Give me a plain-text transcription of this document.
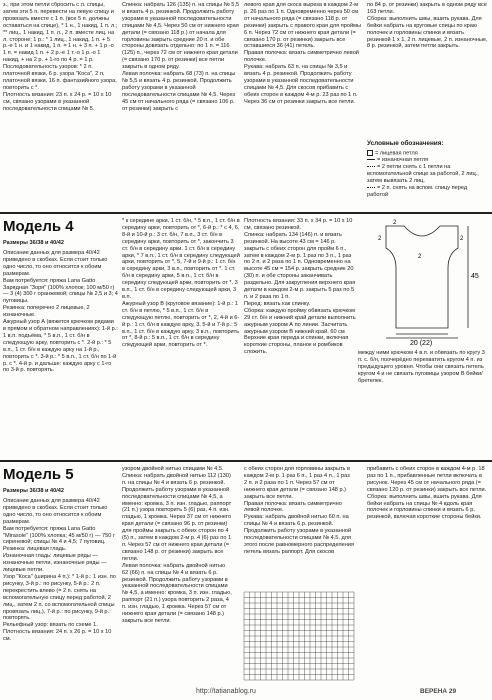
з., при этом петли сбросить с л. спицы, затем эти 5 п. перевести на левую спицу и провязать вместе с 1 п. (все 5 п. должны оставаться на спице), * 1 н., 1 накид, 1 п. л.; ** лиц., 1 накид, 1 п. л., 2 п. вместе лиц. на л. стороне; 1 р.: * 1 лиц., 1 накид, 1 п. + 5 р.-е 1 н. и 1 накид, 1 п. = 1 н. + 3 п. + 1 р.-о 1 п. = накид 1 п. + 2 р.-е 1 т.-о 1 р.-о 1 накид, + на 2 р. + 1-го по 4 р. = 1 р.
Последовательность узоров: * 2 п. платочной вязки, 6 р. узора "Коса", 2 п. платочной вязки, 16 п. фантазийного узора, повторить с *.
Плотность вязания: 23 п. x 24 р. = 10 x 10 см, связано узорами в указанной последовательности спицами № 5.
Спинка: набрать 126 (135) п. на спицы № 5,5 и вязать 4 р. резинкой. Продолжить работу узорами в указанной последовательности спицами № 4,5. Через 50 см от нижнего края детали (= связано 118 р.) от начала для горловины закрыть средние 20 п. и обе стороны довязать отдельно: по 1 п. = 116 (125) п., через 72 см от нижнего края детали (= связано 170 р. от резинки) все петли закрыть в одном ряду.
Левая полочка: набрать 68 (73) п. на спицы № 5,5 и вязать 4 р. резинкой. Продолжить работу узорами в указанной последовательности спицами № 4,5. Через 45 см от начального ряда (= связано 106 р. от резинки) закрыть с
левого края для скоса выреза в каждом 2-м р. 26 раз по 1 п. Одновременно через 50 см от начального ряда (= связано 118 р. от резинки) закрыть с правого края для проймы 6 п. Через 72 см от нижнего края детали (= связано 170 р. от резинки) закрыть все оставшиеся 36 (41) петель.
Правая полочка: вязать симметрично левой полочке.
Рукава: набрать 63 п. на спицы № 3,5 и вязать 4 р. резинкой. Продолжить работу узорами в указанной последовательности спицами № 4,5. Для скосов прибавить с обеих сторон в каждом 4-м р. 23 раз по 1 п. Через 36 см от резинки закрыть все петли.
по 84 р. от резинки) закрыть в одном ряду все 163 петли.
Сборка: выполнить швы, вшить рукава. Для бейки набрать на круговые спицы по краю полочек и горловины спинки и вязать резинкой 1 x 1, 2 п. лицевые, 2 п. изнаночные, 8 р. резинкой, затем петли закрыть.
Условные обозначения:
= лицевая петля
= изнаночная петля
= 2 петли снять с 1 петли на вспомогательной спице за работой, 2 лиц., затем вывязать 2 лиц.
= 2 п. снять на вспом. спицу перед работой
Модель 4
Размеры 36/38 и 40/42
Описание данных для размера 40/42 приведено в скобках. Если стоит только одно число, то оно относится к обоим размерам.
Вам потребуется: пряжа Lana Gatto Зарядная "Зоря" (100% хлопок; 100 м/50 г) — 3 (4) 300 г оранжевой; спицы № 2,5 и 3; 4 пуговицы.
Резинка: поперечно 2 лицевые, 2 изнаночные.
Ажурный узор А (вяжется крючком рядами в прямом и обратном направлениях): 1-й р.: 1 в.п. подъёма, * 5 в.п., 1 ст. б/н в следующую арку, повторить с *. 2-й р.: * 5 в.п., 1 ст. б/н в каждую арку на 1-й р., повторить с *. 3-й р.: * 5 в.п., 1 ст. б/н по 1-й р. с *. 4-й р. и дальше: каждую арку с 1-го по 3-й р. повторять.
* к середине арки, 1 ст. б/н, * 5 в.п., 1 ст. б/н в середину арки, повторить от *, 6-й р.: * с 4, 6, 8-й и 10-й р.: 3 ст. б/н, 7 в.п., 3 ст. б/н в середину арки, повторить от *, закончить 3 ст. б/н в середину арки. 1 ст. б/н в середину арки, * 7 в.п., 1 ст. б/н в середину следующей арки, повторить от *, 5, 7-й и 9-й р.: 1 ст. б/н в середину арки, 3 в.п., повторить от *. 1 ст. б/н в середину арки, 5 в.п., 1 ст. б/н в середину следующей арки, повторить от *. 3 в.п., 1 ст. б/н в середину следующей арки, 3 в.п.
Ажурный узор В (круговое вязание): 1-й р.: 1 ст. б/н в петлю, * 5 в.п., 1 ст. б/н в следующую петлю, повторить от *, 2, 4-й и 6-й р.: 1 ст. б/н в каждую арку, 3, 5-й и 7-й р.: 5 в.п., 1 ст. б/н в каждую арку, 3 в.п., повторить от *, 8-й р.: 5 в.п., 1 ст. б/н в середину следующей арки, повторить от *.
Плотность вязания: 33 п. x 34 р. = 10 x 10 см, связано резинкой.
Спинка: набрать 134 (146) п. и вязать резинкой. На высоте 43 см = 146 р. закрыть с обеих сторон для пройм 6 п., затем в каждом 2-м р. 1 раз по 3 п., 1 раз по 2 п. и 2 раза по 1 п. Одновременно на высоте 45 см = 154 р. закрыть средние 20 (30) п. и обе стороны заканчивать раздельно. Для закругления верхнего края детали в каждом 2-м р. закрыть 5 раз по 5 п. и 2 раза по 1 п.
Перед: вязать как спинку.
Сборка: каждую пройму обвязать крючком 29 ст. б/н и нижний край детали выполнить ажурным узором А по линии. Засчитать ажурным узором В нижний край. 60 см Верхние края переда и спинки, включая короткие стороны, планок и ромбиков сложить.
2
2
45
20 (22)
2
2
между ними крючком 4 в.п. и обвязать по кругу 3 п. с. б/н, поочерёдно перехватить кругом 4 п. из предыдущего уровня. Чтобы они связать петель кругом 4 и не связать пуговицы узором В бейки/бретелек.
Модель 5
Размеры 36/38 и 40/42
Описание данных для размера 40/42 приведено в скобках. Если стоит только одно число, то оно относится к обоим размерам.
Вам потребуется: пряжа Lana Gatto "Mirasole" (100% хлопка; 45 м/50 г) — 750 г сиреневой; спицы № 4 и 4,5; 7 пуговиц.
Резинка: лицевая гладь.
Изнаночная гладь: лицевые ряды — изнаночные петли, изнаночные ряды — лицевые петли.
Узор "Коса" (ширина 4 п.): * 1-й р.: 1 изн. по рисунку, 3-й р.: по рисунку, 5-й р.: 2 п. перекрестить влево (= 2 п. снять на вспомогательную спицу перед работой, 2 лиц., затем 2 п. со вспомогательной спицы провязать лиц.), 7-й р.: по рисунку, 9-й р.: повторять.
Рельефный узор: вязать по схеме 1.
Плотность вязания: 24 п. x 26 р. = 10 x 10 см.
узором двойной нитью спицами № 4,5.
Спинка: набрать двойной нитью 112 (130) п. на спицы № 4 и вязать 6 р. резинкой. Продолжить работу узорами в указанной последовательности спицами № 4,5, а именно: кромка, 3 п. изн. гладью, раппорт (21 п.) узора повторить 5 (6) раз, 4 п. изн. гладью, 1 кромка. Через 37 см от нижнего края детали (= связано 96 р. от резинки) для проймы закрыть с обеих сторон по 4 (5) п., затем в каждом 2-м р. 4 (6) раз по 1 п. Через 57 см от нижнего края детали (= связано 148 р. от резинки) закрыть все петли.
Левая полочка: набрать двойной нитью 62 (66) п. на спицы № 4 и вязать 6 р. резинкой. Продолжить работу узорами в указанной последовательности спицами № 4,5, а именно: кромка, 3 п. изн. гладью, раппорт (21 п.) узора повторить 2 раза, 4 п. изн. гладью, 1 кромка. Через 57 см от нижнего края детали (= связано 148 р.) закрыть все петли.
с обеих сторон для горловины закрыть в каждом 2-м р. 1 раз 6 п., 1 раз 4 п., 1 раз 2 п. и 2 раза по 1 п. Через 57 см от нижнего края детали (= связано 148 р.) закрыть все петли.
Правая полочка: вязать симметрично левой полочке.
Рукава: набрать двойной нитью 60 п. на спицы № 4 и вязать 6 р. резинкой. Продолжить работу узорами в указанной последовательности спицами № 4,5, для этого после равномерного распределения петель вязать раппорт. Для скосов
прибавить с обеих сторон в каждом 4-м р. 18 раз по 1 п., прибавленные петли включать в рисунок. Через 45 см от начального ряда (= связано 120 р. от резинки) закрыть все петли.
Сборка: выполнить швы, вшить рукава. Для бейки набрать на спицы № 4 вдоль края полочек и горловины спинки и вязать 6 р. резинкой, включая короткие стороны бейки.
http://tatianablog.ru	ВЕРЕНА 29
